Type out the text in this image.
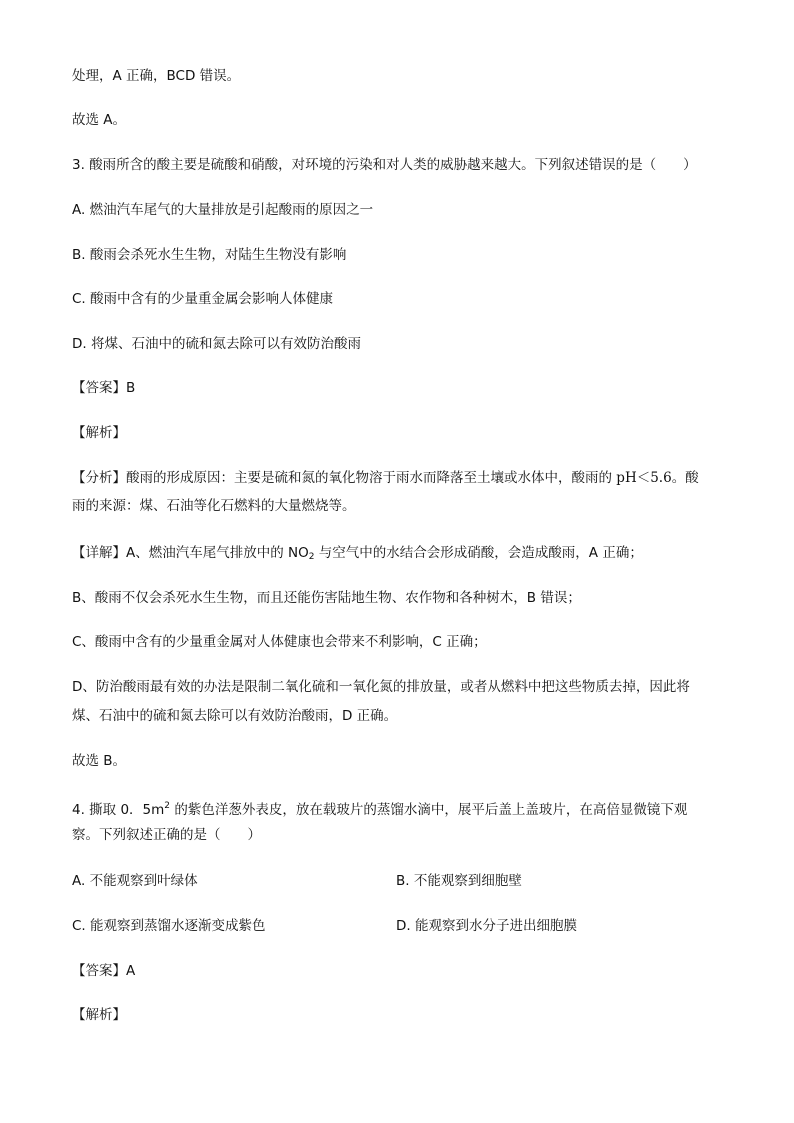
处理，A 正确，BCD 错误。
故选 A。
3. 酸雨所含的酸主要是硫酸和硝酸，对环境的污染和对人类的威胁越来越大。下列叙述错误的是（　　）
A. 燃油汽车尾气的大量排放是引起酸雨的原因之一
B. 酸雨会杀死水生生物，对陆生生物没有影响
C. 酸雨中含有的少量重金属会影响人体健康
D. 将煤、石油中的硫和氮去除可以有效防治酸雨
【答案】B
【解析】
【分析】酸雨的形成原因：主要是硫和氮的氧化物溶于雨水而降落至土壤或水体中，酸雨的 pH＜5.6。酸
雨的来源：煤、石油等化石燃料的大量燃烧等。
【详解】A、燃油汽车尾气排放中的 $NO_2$ 与空气中的水结合会形成硝酸，会造成酸雨，A 正确；
B、酸雨不仅会杀死水生生物，而且还能伤害陆地生物、农作物和各种树木，B 错误；
C、酸雨中含有的少量重金属对人体健康也会带来不利影响，C 正确；
D、防治酸雨最有效的办法是限制二氧化硫和一氧化氮的排放量，或者从燃料中把这些物质去掉，因此将
煤、石油中的硫和氮去除可以有效防治酸雨，D 正确。
故选 B。
4. 撕取 0．$5m^2$ 的紫色洋葱外表皮，放在载玻片的蒸馏水滴中，展平后盖上盖玻片，在高倍显微镜下观
察。下列叙述正确的是（　　）
A. 不能观察到叶绿体	B. 不能观察到细胞壁
C. 能观察到蒸馏水逐渐变成紫色	D. 能观察到水分子进出细胞膜
【答案】A
【解析】
